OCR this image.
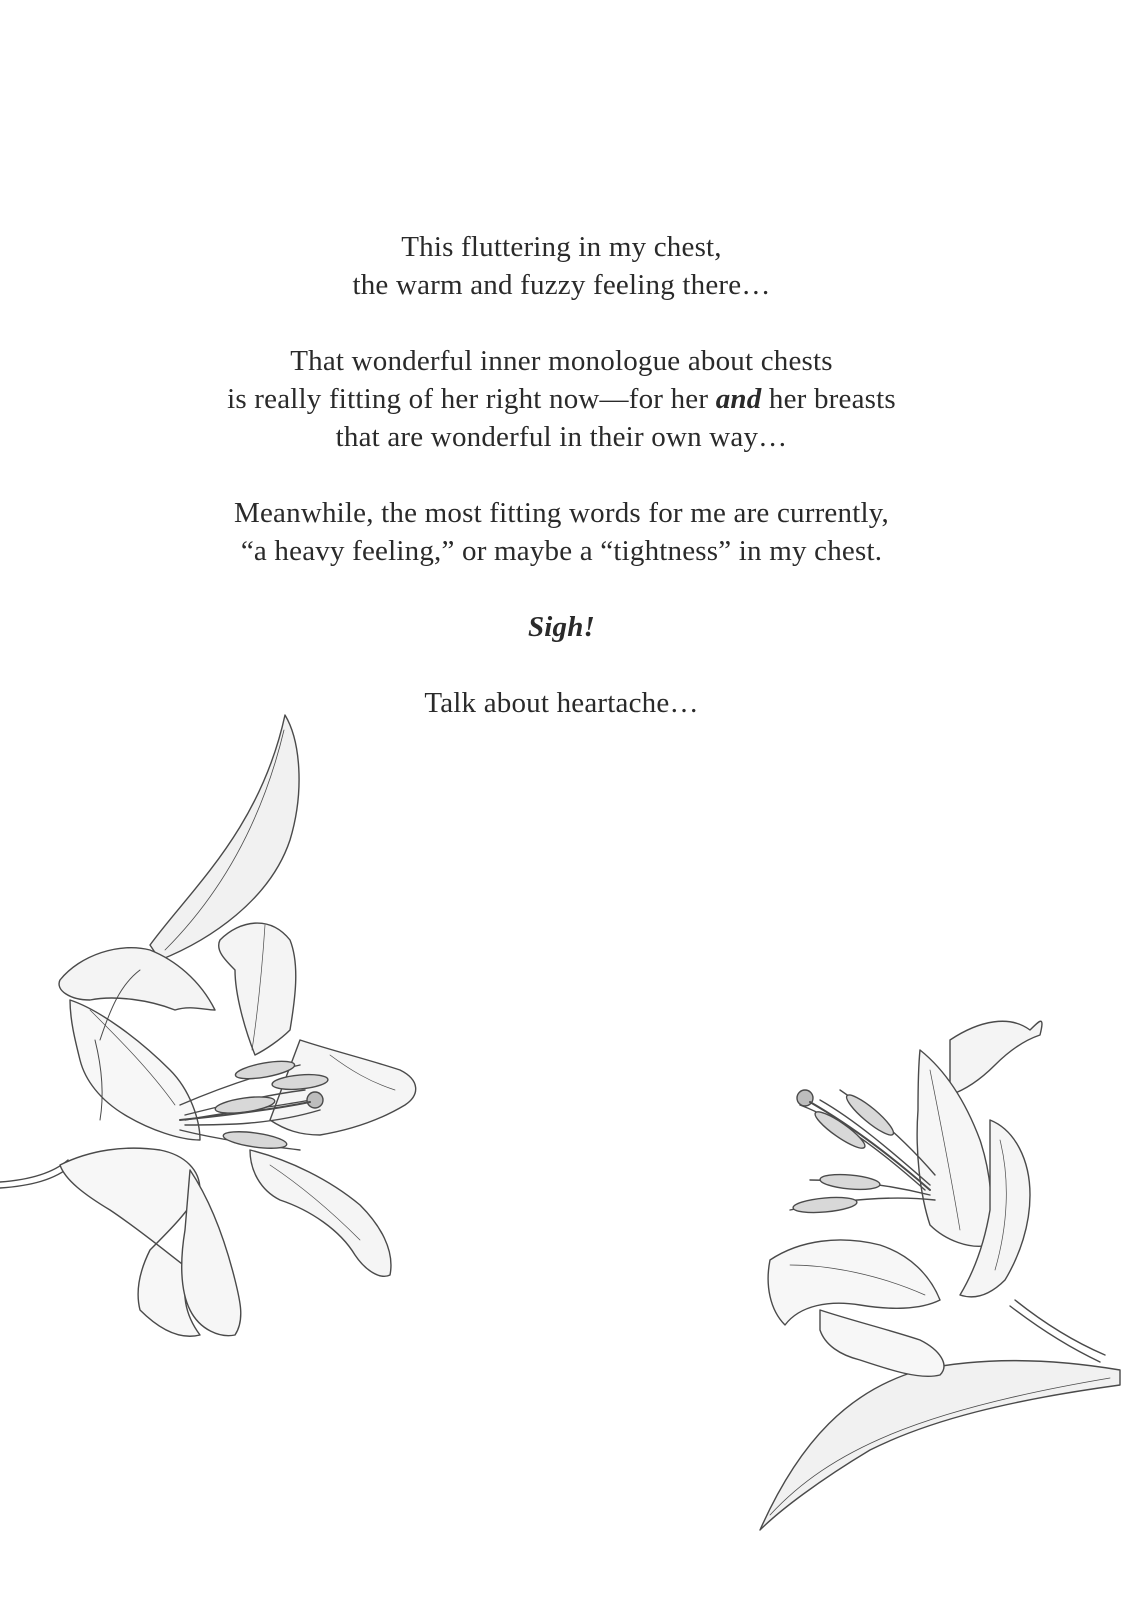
This fluttering in my chest,
the warm and fuzzy feeling there…
That wonderful inner monologue about chests
is really fitting of her right now—for her and her breasts
that are wonderful in their own way…
Meanwhile, the most fitting words for me are currently,
“a heavy feeling,” or maybe a “tightness” in my chest.
Sigh!
Talk about heartache…
